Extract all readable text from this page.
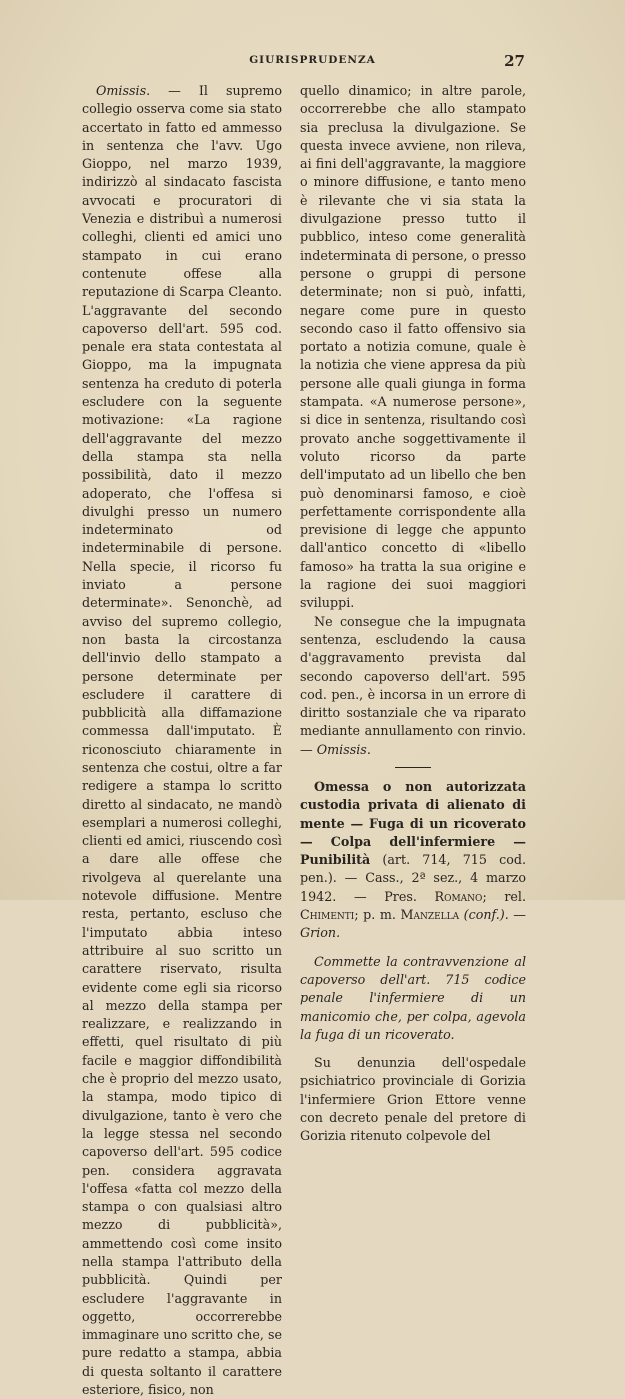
GIURISPRUDENZA	27

Omissis. — Il supremo collegio osserva come sia stato accertato in fatto ed ammesso in sentenza che l'avv. Ugo Gioppo, nel marzo 1939, indirizzò al sindacato fascista avvocati e procuratori di Venezia e distribuì a numerosi colleghi, clienti ed amici uno stampato in cui erano contenute offese alla reputazione di Scarpa Cleanto. L'aggravante del secondo capoverso dell'art. 595 cod. penale era stata contestata al Gioppo, ma la impugnata sentenza ha creduto di poterla escludere con la seguente motivazione: «La ragione dell'aggravante del mezzo della stampa sta nella possibilità, dato il mezzo adoperato, che l'offesa si divulghi presso un numero indeterminato od indeterminabile di persone. Nella specie, il ricorso fu inviato a persone determinate». Senonchè, ad avviso del supremo collegio, non basta la circostanza dell'invio dello stampato a persone determinate per escludere il carattere di pubblicità alla diffamazione commessa dall'imputato. È riconosciuto chiaramente in sentenza che costui, oltre a far redigere a stampa lo scritto diretto al sindacato, ne mandò esemplari a numerosi colleghi, clienti ed amici, riuscendo così a dare alle offese che rivolgeva al querelante una notevole diffusione. Mentre resta, pertanto, escluso che l'imputato abbia inteso attribuire al suo scritto un carattere riservato, risulta evidente come egli sia ricorso al mezzo della stampa per realizzare, e realizzando in effetti, quel risultato di più facile e maggior diffondibilità che è proprio del mezzo usato, la stampa, modo tipico di divulgazione, tanto è vero che la legge stessa nel secondo capoverso dell'art. 595 codice pen. considera aggravata l'offesa «fatta col mezzo della stampa o con qualsiasi altro mezzo di pubblicità», ammettendo così come insito nella stampa l'attributo della pubblicità. Quindi per escludere l'aggravante in oggetto, occorrerebbe immaginare uno scritto che, se pure redatto a stampa, abbia di questa soltanto il carattere esteriore, fisico, non

quello dinamico; in altre parole, occorrerebbe che allo stampato sia preclusa la divulgazione. Se questa invece avviene, non rileva, ai fini dell'aggravante, la maggiore o minore diffusione, e tanto meno è rilevante che vi sia stata la divulgazione presso tutto il pubblico, inteso come generalità indeterminata di persone, o presso persone o gruppi di persone determinate; non si può, infatti, negare come pure in questo secondo caso il fatto offensivo sia portato a notizia comune, quale è la notizia che viene appresa da più persone alle quali giunga in forma stampata. «A numerose persone», si dice in sentenza, risultando così provato anche soggettivamente il voluto ricorso da parte dell'imputato ad un libello che ben può denominarsi famoso, e cioè perfettamente corrispondente alla previsione di legge che appunto dall'antico concetto di «libello famoso» ha tratta la sua origine e la ragione dei suoi maggiori sviluppi.

Ne consegue che la impugnata sentenza, escludendo la causa d'aggravamento prevista dal secondo capoverso dell'art. 595 cod. pen., è incorsa in un errore di diritto sostanziale che va riparato mediante annullamento con rinvio. — Omissis.

Omessa o non autorizzata custodia privata di alienato di mente — Fuga di un ricoverato — Colpa dell'infermiere — Punibilità (art. 714, 715 cod. pen.). — Cass., 2ª sez., 4 marzo 1942. — Pres. Romano; rel. Chimenti; p. m. Manzella (conf.). — Grion.

Commette la contravvenzione al capoverso dell'art. 715 codice penale l'infermiere di un manicomio che, per colpa, agevola la fuga di un ricoverato.

Su denunzia dell'ospedale psichiatrico provinciale di Gorizia l'infermiere Grion Ettore venne con decreto penale del pretore di Gorizia ritenuto colpevole del
